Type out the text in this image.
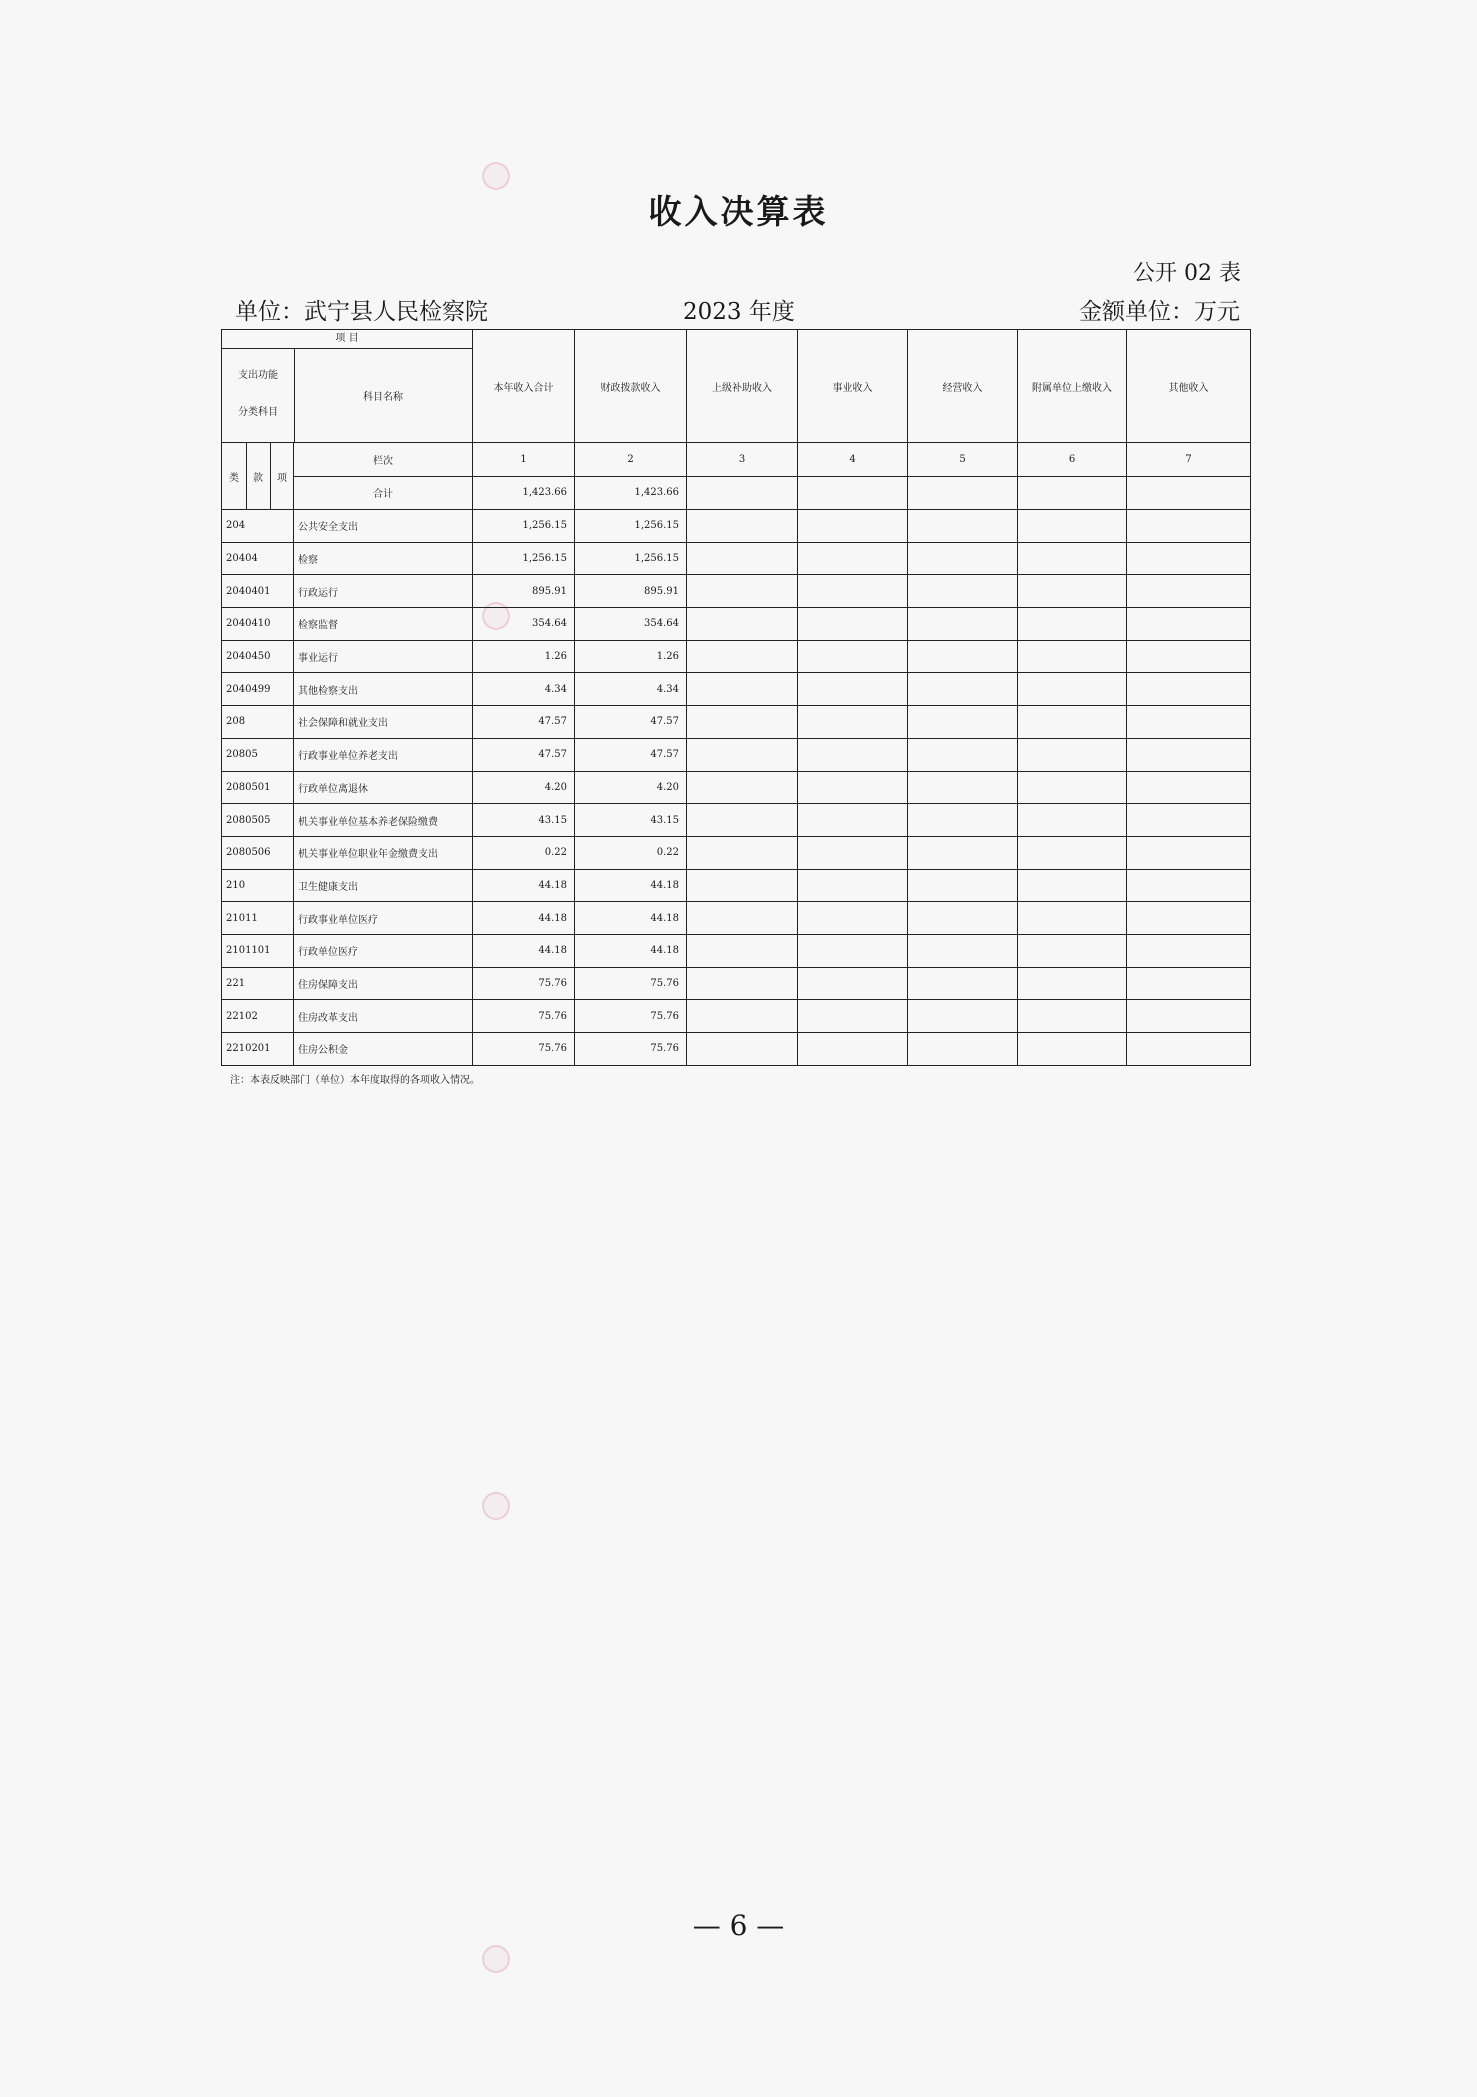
收入决算表
公开 02 表
单位：武宁县人民检察院	2023 年度	金额单位：万元
项 目
支出功能
分类科目
科目名称		本年收入合计	财政拨款收入	上级补助收入	事业收入	经营收入	附属单位上缴收入	其他收入

类 款 项	栏次	1	2	3	4	5	6	7
	合计	1,423.66	1,423.66					
204	公共安全支出	1,256.15	1,256.15					
20404	检察	1,256.15	1,256.15					
2040401	行政运行	895.91	895.91					
2040410	检察监督	354.64	354.64					
2040450	事业运行	1.26	1.26					
2040499	其他检察支出	4.34	4.34					
208	社会保障和就业支出	47.57	47.57					
20805	行政事业单位养老支出	47.57	47.57					
2080501	行政单位离退休	4.20	4.20					
2080505	机关事业单位基本养老保险缴费	43.15	43.15					
2080506	机关事业单位职业年金缴费支出	0.22	0.22					
210	卫生健康支出	44.18	44.18					
21011	行政事业单位医疗	44.18	44.18					
2101101	行政单位医疗	44.18	44.18					
221	住房保障支出	75.76	75.76					
22102	住房改革支出	75.76	75.76					
2210201	住房公积金	75.76	75.76					
注：本表反映部门（单位）本年度取得的各项收入情况。
— 6 —
